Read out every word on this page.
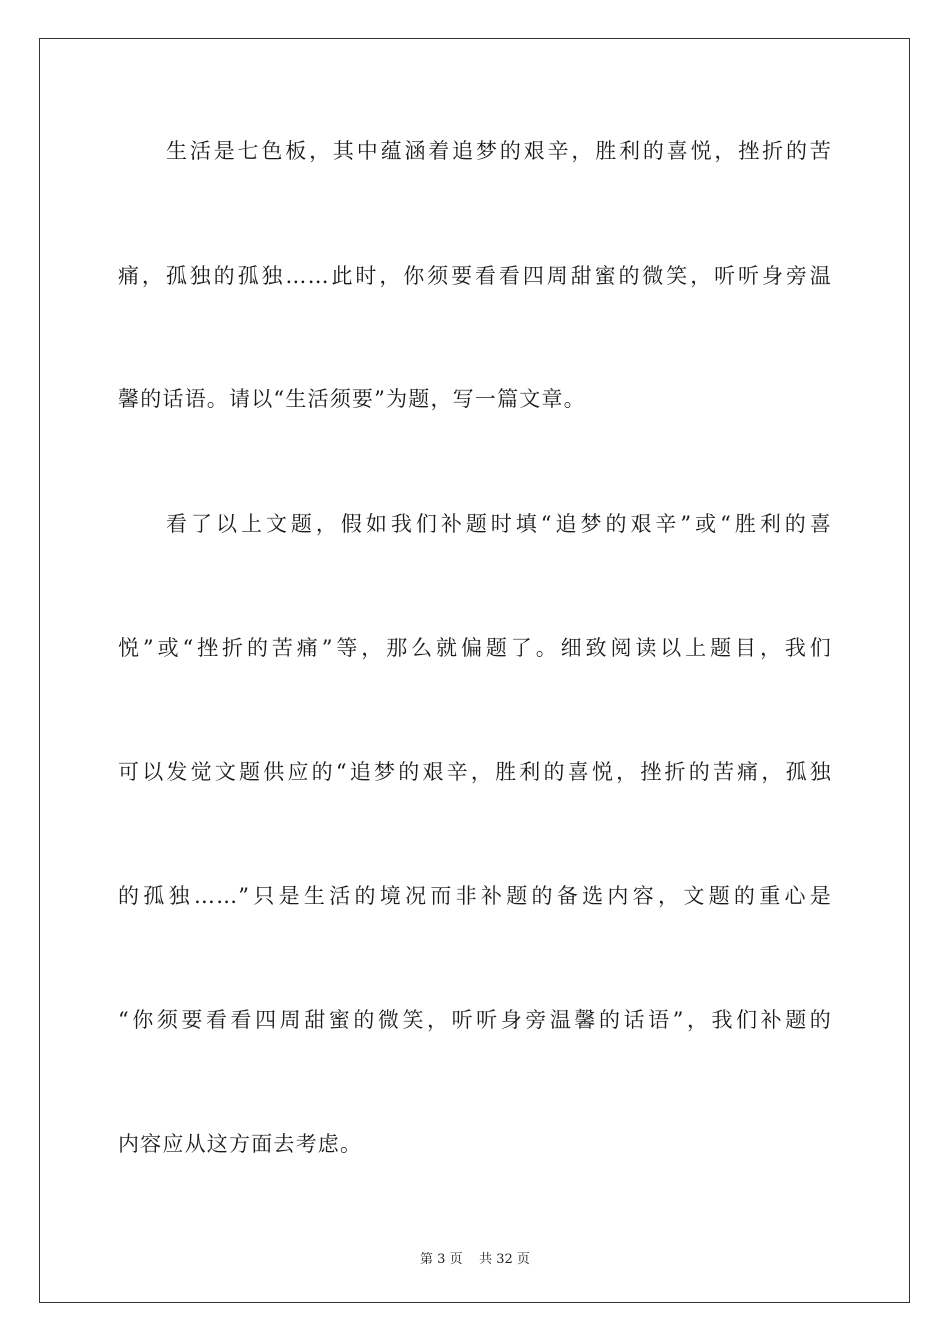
生活是七色板，其中蕴涵着追梦的艰辛，胜利的喜悦，挫折的苦
痛，孤独的孤独……此时，你须要看看四周甜蜜的微笑，听听身旁温
馨的话语。请以“生活须要”为题，写一篇文章。
看了以上文题，假如我们补题时填“追梦的艰辛”或“胜利的喜
悦”或“挫折的苦痛”等，那么就偏题了。细致阅读以上题目，我们
可以发觉文题供应的“追梦的艰辛，胜利的喜悦，挫折的苦痛，孤独
的孤独……”只是生活的境况而非补题的备选内容，文题的重心是
“你须要看看四周甜蜜的微笑，听听身旁温馨的话语”，我们补题的
内容应从这方面去考虑。
第 3 页 共 32 页
